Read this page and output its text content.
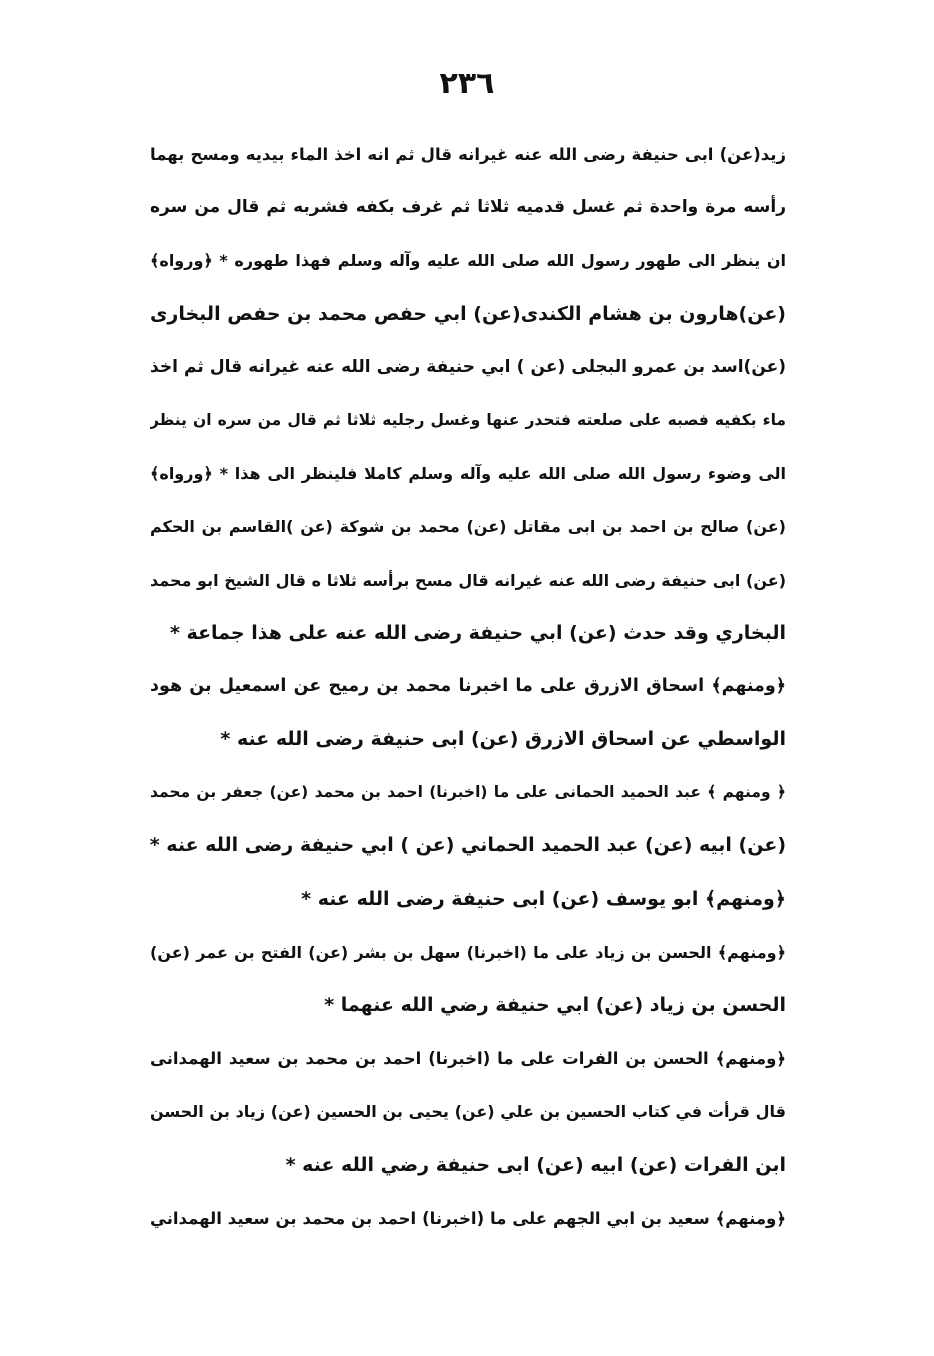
٢٣٦
زيد(عن) ابى حنيفة رضى الله عنه غيرانه قال ثم انه اخذ الماء بيديه ومسح بهما
رأسه مرة واحدة ثم غسل قدميه ثلاثا ثم غرف بكفه فشربه ثم قال من سره
ان ينظر الى طهور رسول الله صلى الله عليه وآله وسلم فهذا طهوره * ﴿ورواه﴾
(عن)هارون بن هشام الكندى(عن) ابي حفص محمد بن حفص البخارى
(عن)اسد بن عمرو البجلى (عن ) ابي حنيفة رضى الله عنه غيرانه قال ثم اخذ
ماء بكفيه فصبه على صلعته فتحدر عنها وغسل رجليه ثلاثا ثم قال من سره ان ينظر
الى وضوء رسول الله صلى الله عليه وآله وسلم كاملا فلينظر الى هذا * ﴿ورواه﴾
(عن) صالح بن احمد بن ابى مقاتل (عن) محمد بن شوكة (عن )القاسم بن الحكم
(عن) ابى حنيفة رضى الله عنه غيرانه قال مسح برأسه ثلاثا ه قال الشيخ ابو محمد
البخاري وقد حدث (عن) ابي حنيفة رضى الله عنه على هذا جماعة *
﴿ومنهم﴾ اسحاق الازرق على ما اخبرنا محمد بن رميح عن اسمعيل بن هود
الواسطي عن اسحاق الازرق (عن) ابى حنيفة رضى الله عنه *
﴿ ومنهم ﴾ عبد الحميد الحمانى على ما (اخبرنا) احمد بن محمد (عن) جعفر بن محمد
(عن) ابيه (عن) عبد الحميد الحماني (عن ) ابي حنيفة رضى الله عنه *
﴿ومنهم﴾ ابو يوسف (عن) ابى حنيفة رضى الله عنه *
﴿ومنهم﴾ الحسن بن زياد على ما (اخبرنا) سهل بن بشر (عن) الفتح بن عمر (عن)
الحسن بن زياد (عن) ابي حنيفة رضي الله عنهما *
﴿ومنهم﴾ الحسن بن الفرات على ما (اخبرنا) احمد بن محمد بن سعيد الهمدانى
قال قرأت في كتاب الحسين بن علي (عن) يحيى بن الحسين (عن) زياد بن الحسن
ابن الفرات (عن) ابيه (عن) ابى حنيفة رضي الله عنه *
﴿ومنهم﴾ سعيد بن ابي الجهم على ما (اخبرنا) احمد بن محمد بن سعيد الهمداني
